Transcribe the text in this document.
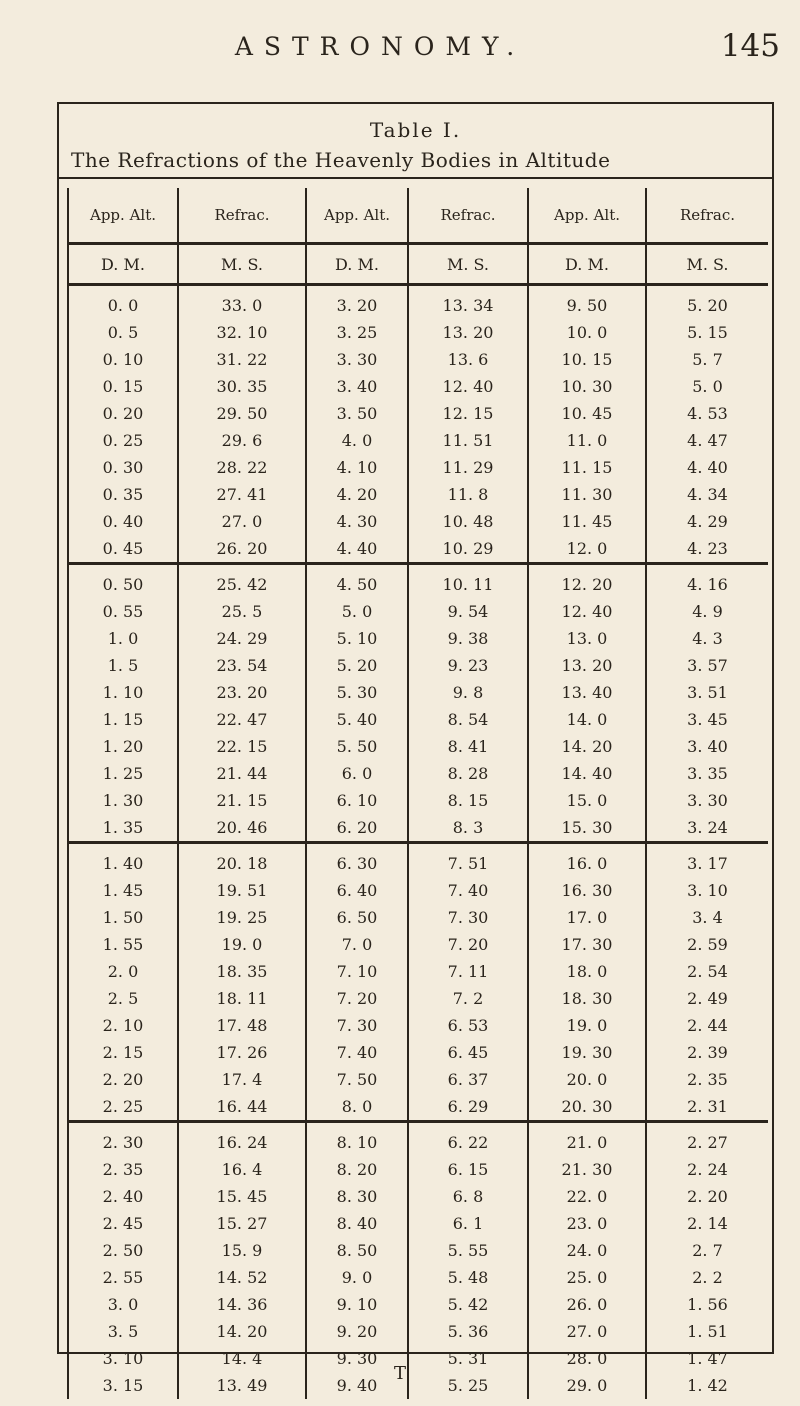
ASTRONOMY.	145
Table I.
The Refractions of the Heavenly Bodies in Altitude
App. Alt.	Refrac.	App. Alt.	Refrac.	App. Alt.	Refrac.
D. M.	M. S.	D. M.	M. S.	D. M.	M. S.
0. 0	33. 0	3. 20	13. 34	9. 50	5. 20
0. 5	32. 10	3. 25	13. 20	10. 0	5. 15
0. 10	31. 22	3. 30	13. 6	10. 15	5. 7
0. 15	30. 35	3. 40	12. 40	10. 30	5. 0
0. 20	29. 50	3. 50	12. 15	10. 45	4. 53
0. 25	29. 6	4. 0	11. 51	11. 0	4. 47
0. 30	28. 22	4. 10	11. 29	11. 15	4. 40
0. 35	27. 41	4. 20	11. 8	11. 30	4. 34
0. 40	27. 0	4. 30	10. 48	11. 45	4. 29
0. 45	26. 20	4. 40	10. 29	12. 0	4. 23
0. 50	25. 42	4. 50	10. 11	12. 20	4. 16
0. 55	25. 5	5. 0	9. 54	12. 40	4. 9
1. 0	24. 29	5. 10	9. 38	13. 0	4. 3
1. 5	23. 54	5. 20	9. 23	13. 20	3. 57
1. 10	23. 20	5. 30	9. 8	13. 40	3. 51
1. 15	22. 47	5. 40	8. 54	14. 0	3. 45
1. 20	22. 15	5. 50	8. 41	14. 20	3. 40
1. 25	21. 44	6. 0	8. 28	14. 40	3. 35
1. 30	21. 15	6. 10	8. 15	15. 0	3. 30
1. 35	20. 46	6. 20	8. 3	15. 30	3. 24
1. 40	20. 18	6. 30	7. 51	16. 0	3. 17
1. 45	19. 51	6. 40	7. 40	16. 30	3. 10
1. 50	19. 25	6. 50	7. 30	17. 0	3. 4
1. 55	19. 0	7. 0	7. 20	17. 30	2. 59
2. 0	18. 35	7. 10	7. 11	18. 0	2. 54
2. 5	18. 11	7. 20	7. 2	18. 30	2. 49
2. 10	17. 48	7. 30	6. 53	19. 0	2. 44
2. 15	17. 26	7. 40	6. 45	19. 30	2. 39
2. 20	17. 4	7. 50	6. 37	20. 0	2. 35
2. 25	16. 44	8. 0	6. 29	20. 30	2. 31
2. 30	16. 24	8. 10	6. 22	21. 0	2. 27
2. 35	16. 4	8. 20	6. 15	21. 30	2. 24
2. 40	15. 45	8. 30	6. 8	22. 0	2. 20
2. 45	15. 27	8. 40	6. 1	23. 0	2. 14
2. 50	15. 9	8. 50	5. 55	24. 0	2. 7
2. 55	14. 52	9. 0	5. 48	25. 0	2. 2
3. 0	14. 36	9. 10	5. 42	26. 0	1. 56
3. 5	14. 20	9. 20	5. 36	27. 0	1. 51
3. 10	14. 4	9. 30	5. 31	28. 0	1. 47
3. 15	13. 49	9. 40	5. 25	29. 0	1. 42
T
